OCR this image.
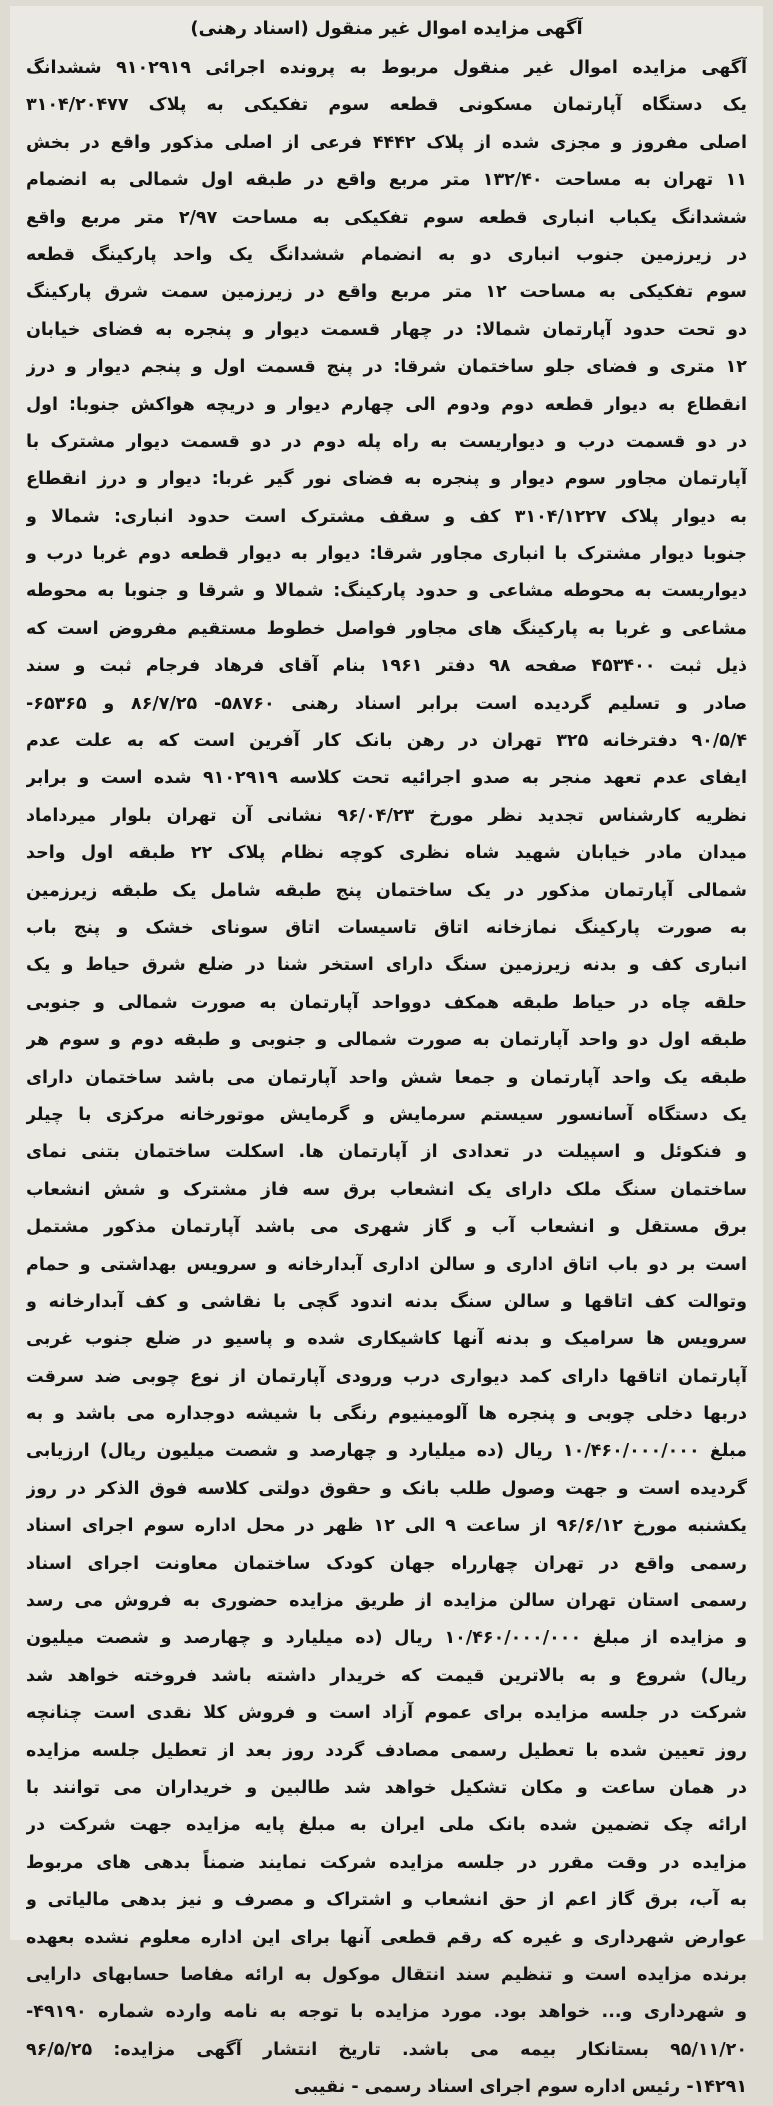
آگهی مزایده اموال غیر منقول (اسناد رهنی)
آگهی مزایده اموال غیر منقول مربوط به پرونده اجرائی ۹۱۰۲۹۱۹ ششدانگ
یک دستگاه آپارتمان مسکونی قطعه سوم تفکیکی به پلاک ۳۱۰۴/۲۰۴۷۷
اصلی مفروز و مجزی شده از پلاک ۴۴۴۲ فرعی از اصلی مذکور واقع در بخش
۱۱ تهران به مساحت ۱۳۲/۴۰ متر مربع واقع در طبقه اول شمالی به انضمام
ششدانگ یکباب انباری قطعه سوم تفکیکی به مساحت ۲/۹۷ متر مربع واقع
در زیرزمین جنوب انباری دو به انضمام ششدانگ یک واحد پارکینگ قطعه
سوم تفکیکی به مساحت ۱۲ متر مربع واقع در زیرزمین سمت شرق پارکینگ
دو تحت حدود آپارتمان شمالا: در چهار قسمت دیوار و پنجره به فضای خیابان
۱۲ متری و فضای جلو ساختمان شرقا: در پنج قسمت اول و پنجم دیوار و درز
انقطاع به دیوار قطعه دوم ودوم الی چهارم دیوار و دریچه هواکش جنوبا: اول
در دو قسمت درب و دیواریست به راه پله دوم در دو قسمت دیوار مشترک با
آپارتمان مجاور سوم دیوار و پنجره به فضای نور گیر غربا: دیوار و درز انقطاع
به دیوار پلاک ۳۱۰۴/۱۲۲۷ کف و سقف مشترک است حدود انباری: شمالا و
جنوبا دیوار مشترک با انباری مجاور شرقا: دیوار به دیوار قطعه دوم غربا درب و
دیواریست به محوطه مشاعی و حدود پارکینگ: شمالا و شرقا و جنوبا به محوطه
مشاعی و غربا به پارکینگ های مجاور فواصل خطوط مستقیم مفروض است که
ذیل ثبت ۴۵۳۴۰۰ صفحه ۹۸ دفتر ۱۹۶۱ بنام آقای فرهاد فرجام ثبت و سند
صادر و تسلیم گردیده است برابر اسناد رهنی ۵۸۷۶۰- ۸۶/۷/۲۵ و ۶۵۳۶۵-
۹۰/۵/۴ دفترخانه ۳۲۵ تهران در رهن بانک کار آفرین است که به علت عدم
ایفای عدم تعهد منجر به صدو اجرائیه تحت کلاسه ۹۱۰۲۹۱۹ شده است و برابر
نظریه کارشناس تجدید نظر مورخ ۹۶/۰۴/۲۳ نشانی آن تهران بلوار میرداماد
میدان مادر خیابان شهید شاه نظری کوچه نظام پلاک ۲۲ طبقه اول واحد
شمالی آپارتمان مذکور در یک ساختمان پنج طبقه شامل یک طبقه زیرزمین
به صورت پارکینگ نمازخانه اتاق تاسیسات اتاق سونای خشک و پنج باب
انباری کف و بدنه زیرزمین سنگ دارای استخر شنا در ضلع شرق حیاط و یک
حلقه چاه در حیاط طبقه همکف دوواحد آپارتمان به صورت شمالی و جنوبی
طبقه اول دو واحد آپارتمان به صورت شمالی و جنوبی و طبقه دوم و سوم هر
طبقه یک واحد آپارتمان و جمعا شش واحد آپارتمان می باشد ساختمان دارای
یک دستگاه آسانسور سیستم سرمایش و گرمایش موتورخانه مرکزی با چیلر
و فنکوئل و اسپیلت در تعدادی از آپارتمان ها. اسکلت ساختمان بتنی نمای
ساختمان سنگ ملک دارای یک انشعاب برق سه فاز مشترک و شش انشعاب
برق مستقل و انشعاب آب و گاز شهری می باشد آپارتمان مذکور مشتمل
است بر دو باب اتاق اداری و سالن اداری آبدارخانه و سرویس بهداشتی و حمام
وتوالت کف اتاقها و سالن سنگ بدنه اندود گچی با نقاشی و کف آبدارخانه و
سرویس ها سرامیک و بدنه آنها کاشیکاری شده و پاسیو در ضلع جنوب غربی
آپارتمان اتاقها دارای کمد دیواری درب ورودی آپارتمان از نوع چوبی ضد سرقت
دربها دخلی چوبی و پنجره ها آلومینیوم رنگی با شیشه دوجداره می باشد و به
مبلغ ۱۰/۴۶۰/۰۰۰/۰۰۰ ریال (ده میلیارد و چهارصد و شصت میلیون ریال) ارزیابی
گردیده است و جهت وصول طلب بانک و حقوق دولتی کلاسه فوق الذکر در روز
یکشنبه مورخ ۹۶/۶/۱۲ از ساعت ۹ الی ۱۲ ظهر در محل اداره سوم اجرای اسناد
رسمی واقع در تهران چهارراه جهان کودک ساختمان معاونت اجرای اسناد
رسمی استان تهران سالن مزایده از طریق مزایده حضوری به فروش می رسد
و مزایده از مبلغ ۱۰/۴۶۰/۰۰۰/۰۰۰ ریال (ده میلیارد و چهارصد و شصت میلیون
ریال) شروع و به بالاترین قیمت که خریدار داشته باشد فروخته خواهد شد
شرکت در جلسه مزایده برای عموم آزاد است و فروش کلا نقدی است چنانچه
روز تعیین شده با تعطیل رسمی مصادف گردد روز بعد از تعطیل جلسه مزایده
در همان ساعت و مکان تشکیل خواهد شد طالبین و خریداران می توانند با
ارائه چک تضمین شده بانک ملی ایران به مبلغ پایه مزایده جهت شرکت در
مزایده در وقت مقرر در جلسه مزایده شرکت نمایند ضمناً بدهی های مربوط
به آب، برق گاز اعم از حق انشعاب و اشتراک و مصرف و نیز بدهی مالیاتی و
عوارض شهرداری و غیره که رقم قطعی آنها برای این اداره معلوم نشده بعهده
برنده مزایده است و تنظیم سند انتقال موکول به ارائه مفاصا حسابهای دارایی
و شهرداری و... خواهد بود. مورد مزایده با توجه به نامه وارده شماره ۴۹۱۹۰-
۹۵/۱۱/۲۰ بستانکار بیمه می باشد. تاریخ انتشار آگهی مزایده: ۹۶/۵/۲۵
۱۴۲۹۱- رئیس اداره سوم اجرای اسناد رسمی - نقیبی
